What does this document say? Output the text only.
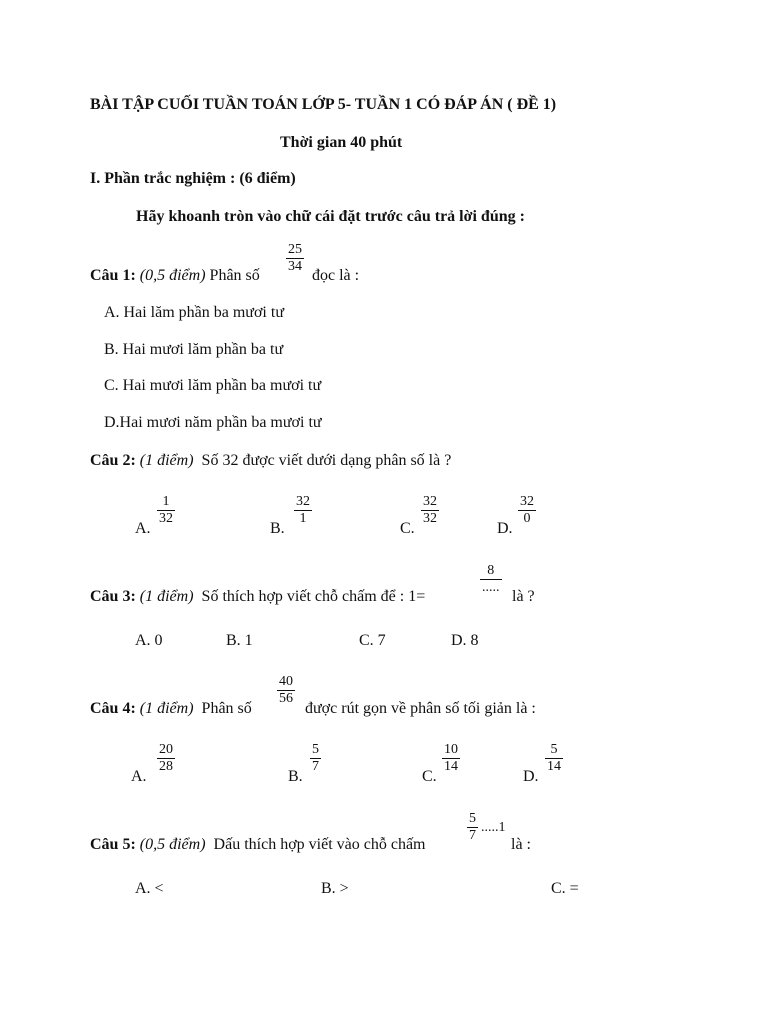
BÀI TẬP CUỐI TUẦN TOÁN LỚP 5- TUẦN 1 CÓ ĐÁP ÁN ( ĐỀ 1)
Thời gian 40 phút
I. Phần trắc nghiệm : (6 điểm)
Hãy khoanh tròn vào chữ cái đặt trước câu trả lời đúng :
Câu 1: (0,5 điểm) Phân số
$\frac{25}{34}$
đọc là :
A. Hai lăm phần ba mươi tư
B. Hai mươi lăm phần ba tư
C. Hai mươi lăm phần ba mươi tư
D.Hai mươi năm phần ba mươi tư
Câu 2: (1 điểm) Số 32 được viết dưới dạng phân số là ?
A.
$\frac{1}{32}$
B.
$\frac{32}{1}$
C.
$\frac{32}{32}$
D.
$\frac{32}{0}$
Câu 3: (1 điểm) Số thích hợp viết chỗ chấm để : 1=
8
.....
là ?
A. 0	B. 1	C. 7	D. 8
Câu 4: (1 điểm) Phân số
$\frac{40}{56}$
được rút gọn về phân số tối giản là :
A.
$\frac{20}{28}$
B.
$\frac{5}{7}$
C.
$\frac{10}{14}$
D.
$\frac{5}{14}$
Câu 5: (0,5 điểm) Dấu thích hợp viết vào chỗ chấm
$\frac{5}{7} .....1$
là :
A. <	B. >	C. =
